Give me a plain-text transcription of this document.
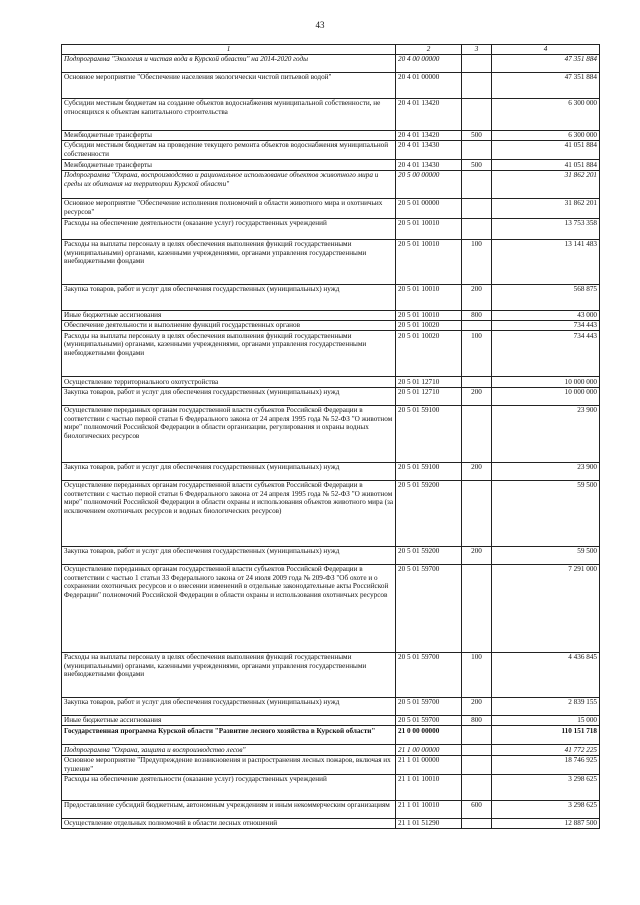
43
1	2	3	4
Подпрограмма "Экология и чистая вода в Курской области" на 2014-2020 годы	20 4 00 00000		47 351 884
Основное мероприятие "Обеспечение населения экологически чистой питьевой водой"	20 4 01 00000		47 351 884
Субсидии местным бюджетам на создание объектов водоснабжения муниципальной собственности, не относящихся к объектам капитального строительства	20 4 01 13420		6 300 000
Межбюджетные трансферты	20 4 01 13420	500	6 300 000
Субсидии местным бюджетам на проведение текущего ремонта объектов водоснабжения муниципальной собственности	20 4 01 13430		41 051 884
Межбюджетные трансферты	20 4 01 13430	500	41 051 884
Подпрограмма "Охрана, воспроизводство и рациональное использование объектов животного мира и среды их обитания на территории Курской области"	20 5 00 00000		31 862 201
Основное мероприятие "Обеспечение исполнения полномочий в области животного мира и охотничьих ресурсов"	20 5 01 00000		31 862 201
Расходы на обеспечение деятельности (оказание услуг) государственных учреждений	20 5 01 10010		13 753 358
Расходы на выплаты персоналу в целях обеспечения выполнения функций государственными (муниципальными) органами, казенными учреждениями, органами управления государственными внебюджетными фондами	20 5 01 10010	100	13 141 483
Закупка товаров, работ и услуг для обеспечения государственных (муниципальных) нужд	20 5 01 10010	200	568 875
Иные бюджетные ассигнования	20 5 01 10010	800	43 000
Обеспечение деятельности и выполнение функций государственных органов	20 5 01 10020		734 443
Расходы на выплаты персоналу в целях обеспечения выполнения функций государственными (муниципальными) органами, казенными учреждениями, органами управления государственными внебюджетными фондами	20 5 01 10020	100	734 443
Осуществление территориального охотустройства	20 5 01 12710		10 000 000
Закупка товаров, работ и услуг для обеспечения государственных (муниципальных) нужд	20 5 01 12710	200	10 000 000
Осуществление переданных органам государственной власти субъектов Российской Федерации в соответствии с частью первой статьи 6 Федерального закона от 24 апреля 1995 года № 52-ФЗ "О животном мире" полномочий Российской Федерации в области организации, регулирования и охраны водных биологических ресурсов	20 5 01 59100		23 900
Закупка товаров, работ и услуг для обеспечения государственных (муниципальных) нужд	20 5 01 59100	200	23 900
Осуществление переданных органам государственной власти субъектов Российской Федерации в соответствии с частью первой статьи 6 Федерального закона от 24 апреля 1995 года № 52-ФЗ "О животном мире" полномочий Российской Федерации в области охраны и использования объектов животного мира (за исключением охотничьих ресурсов и водных биологических ресурсов)	20 5 01 59200		59 500
Закупка товаров, работ и услуг для обеспечения государственных (муниципальных) нужд	20 5 01 59200	200	59 500
Осуществление переданных органам государственной власти субъектов Российской Федерации в соответствии с частью 1 статьи 33 Федерального закона от 24 июля 2009 года № 209-ФЗ "Об охоте и о сохранении охотничьих ресурсов и о внесении изменений в отдельные законодательные акты Российской Федерации" полномочий Российской Федерации в области охраны и использования охотничьих ресурсов	20 5 01 59700		7 291 000
Расходы на выплаты персоналу в целях обеспечения выполнения функций государственными (муниципальными) органами, казенными учреждениями, органами управления государственными внебюджетными фондами	20 5 01 59700	100	4 436 845
Закупка товаров, работ и услуг для обеспечения государственных (муниципальных) нужд	20 5 01 59700	200	2 839 155
Иные бюджетные ассигнования	20 5 01 59700	800	15 000
Государственная программа Курской области "Развитие лесного хозяйства в Курской области"	21 0 00 00000		110 151 718
Подпрограмма "Охрана, защита и воспроизводство лесов"	21 1 00 00000		41 772 225
Основное мероприятие "Предупреждение возникновения и распространения лесных пожаров, включая их тушение"	21 1 01 00000		18 746 925
Расходы на обеспечение деятельности (оказание услуг) государственных учреждений	21 1 01 10010		3 298 625
Предоставление субсидий бюджетным, автономным учреждениям и иным некоммерческим организациям	21 1 01 10010	600	3 298 625
Осуществление отдельных полномочий в области лесных отношений	21 1 01 51290		12 887 500
